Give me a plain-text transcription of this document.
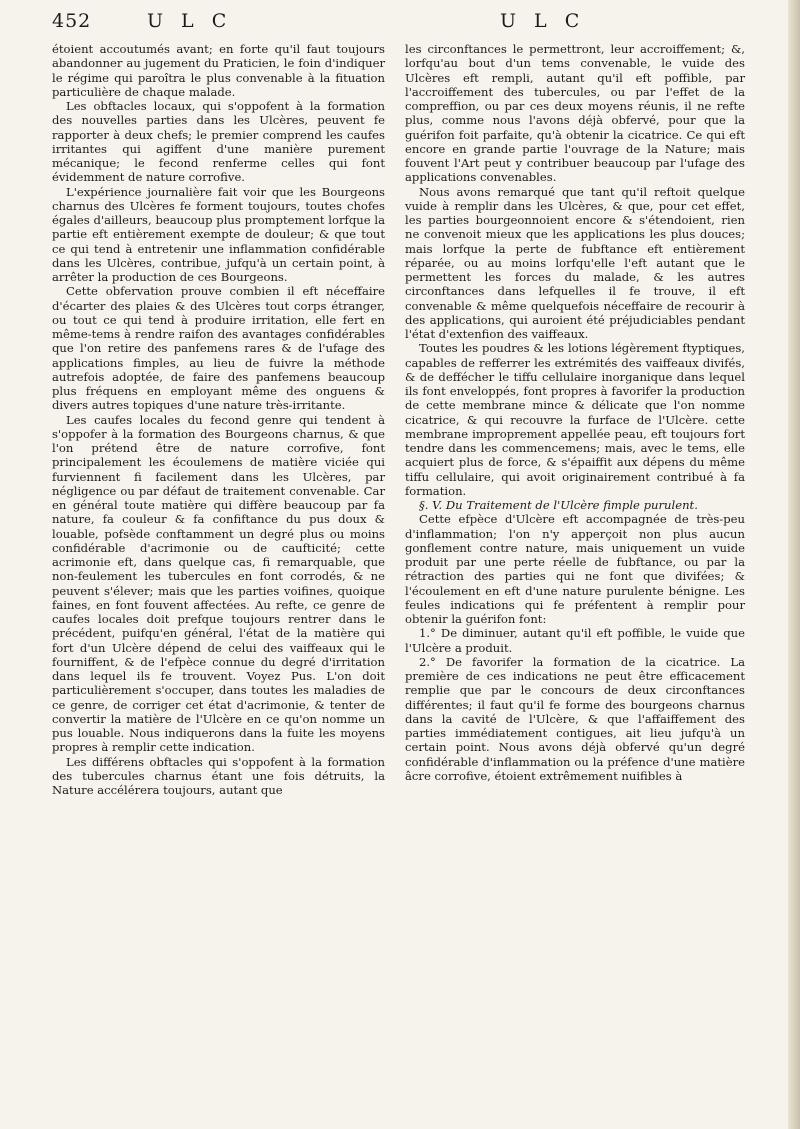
452	U L C	U L C

étoient accoutumés avant; en forte qu'il faut toujours abandonner au jugement du Praticien, le foin d'indiquer le régime qui paroîtra le plus convenable à la fituation particulière de chaque malade.

Les obftacles locaux, qui s'oppofent à la formation des nouvelles parties dans les Ulcères, peuvent fe rapporter à deux chefs; le premier comprend les caufes irritantes qui agiffent d'une manière purement mécanique; le fecond renferme celles qui font évidemment de nature corrofive.

L'expérience journalière fait voir que les Bourgeons charnus des Ulcères fe forment toujours, toutes chofes égales d'ailleurs, beaucoup plus promptement lorfque la partie eft entièrement exempte de douleur; & que tout ce qui tend à entretenir une inflammation confidérable dans les Ulcères, contribue, jufqu'à un certain point, à arrêter la production de ces Bourgeons.

Cette obfervation prouve combien il eft néceffaire d'écarter des plaies & des Ulcères tout corps étranger, ou tout ce qui tend à produire irritation, elle fert en même-tems à rendre raifon des avantages confidérables que l'on retire des panfemens rares & de l'ufage des applications fimples, au lieu de fuivre la méthode autrefois adoptée, de faire des panfemens beaucoup plus fréquens en employant même des onguens & divers autres topiques d'une nature très-irritante.

Les caufes locales du fecond genre qui tendent à s'oppofer à la formation des Bourgeons charnus, & que l'on prétend être de nature corrofive, font principalement les écoulemens de matière viciée qui furviennent fi facilement dans les Ulcères, par négligence ou par défaut de traitement convenable. Car en général toute matière qui diffère beaucoup par fa nature, fa couleur & fa confiftance du pus doux & louable, pofsède conftamment un degré plus ou moins confidérable d'acrimonie ou de caufticité; cette acrimonie eft, dans quelque cas, fi remarquable, que non-feulement les tubercules en font corrodés, & ne peuvent s'élever; mais que les parties voifines, quoique faines, en font fouvent affectées. Au refte, ce genre de caufes locales doit prefque toujours rentrer dans le précédent, puifqu'en général, l'état de la matière qui fort d'un Ulcère dépend de celui des vaiffeaux qui le fourniffent, & de l'efpèce connue du degré d'irritation dans lequel ils fe trouvent. Voyez Pus. L'on doit particulièrement s'occuper, dans toutes les maladies de ce genre, de corriger cet état d'acrimonie, & tenter de convertir la matière de l'Ulcère en ce qu'on nomme un pus louable. Nous indiquerons dans la fuite les moyens propres à remplir cette indication.

Les différens obftacles qui s'oppofent à la formation des tubercules charnus étant une fois détruits, la Nature accélérera toujours, autant que

les circonftances le permettront, leur accroiffement; &, lorfqu'au bout d'un tems convenable, le vuide des Ulcères eft rempli, autant qu'il eft poffible, par l'accroiffement des tubercules, ou par l'effet de la compreffion, ou par ces deux moyens réunis, il ne refte plus, comme nous l'avons déjà obfervé, pour que la guérifon foit parfaite, qu'à obtenir la cicatrice. Ce qui eft encore en grande partie l'ouvrage de la Nature; mais fouvent l'Art peut y contribuer beaucoup par l'ufage des applications convenables.

Nous avons remarqué que tant qu'il reftoit quelque vuide à remplir dans les Ulcères, & que, pour cet effet, les parties bourgeonnoient encore & s'étendoient, rien ne convenoit mieux que les applications les plus douces; mais lorfque la perte de fubftance eft entièrement réparée, ou au moins lorfqu'elle l'eft autant que le permettent les forces du malade, & les autres circonftances dans lefquelles il fe trouve, il eft convenable & même quelquefois néceffaire de recourir à des applications, qui auroient été préjudiciables pendant l'état d'extenfion des vaiffeaux.

Toutes les poudres & les lotions légèrement ftyptiques, capables de refferrer les extrémités des vaiffeaux divifés, & de deffécher le tiffu cellulaire inorganique dans lequel ils font enveloppés, font propres à favorifer la production de cette membrane mince & délicate que l'on nomme cicatrice, & qui recouvre la furface de l'Ulcère. cette membrane improprement appellée peau, eft toujours fort tendre dans les commencemens; mais, avec le tems, elle acquiert plus de force, & s'épaiffit aux dépens du même tiffu cellulaire, qui avoit originairement contribué à fa formation.

§. V. Du Traitement de l'Ulcère fimple purulent.

Cette efpèce d'Ulcère eft accompagnée de très-peu d'inflammation; l'on n'y apperçoit non plus aucun gonflement contre nature, mais uniquement un vuide produit par une perte réelle de fubftance, ou par la rétraction des parties qui ne font que divifées; & l'écoulement en eft d'une nature purulente bénigne. Les feules indications qui fe préfentent à remplir pour obtenir la guérifon font:

1.° De diminuer, autant qu'il eft poffible, le vuide que l'Ulcère a produit.

2.° De favorifer la formation de la cicatrice. La première de ces indications ne peut être efficacement remplie que par le concours de deux circonftances différentes; il faut qu'il fe forme des bourgeons charnus dans la cavité de l'Ulcère, & que l'affaiffement des parties immédiatement contigues, ait lieu jufqu'à un certain point. Nous avons déjà obfervé qu'un degré confidérable d'inflammation ou la préfence d'une matière âcre corrofive, étoient extrêmement nuifibles à
